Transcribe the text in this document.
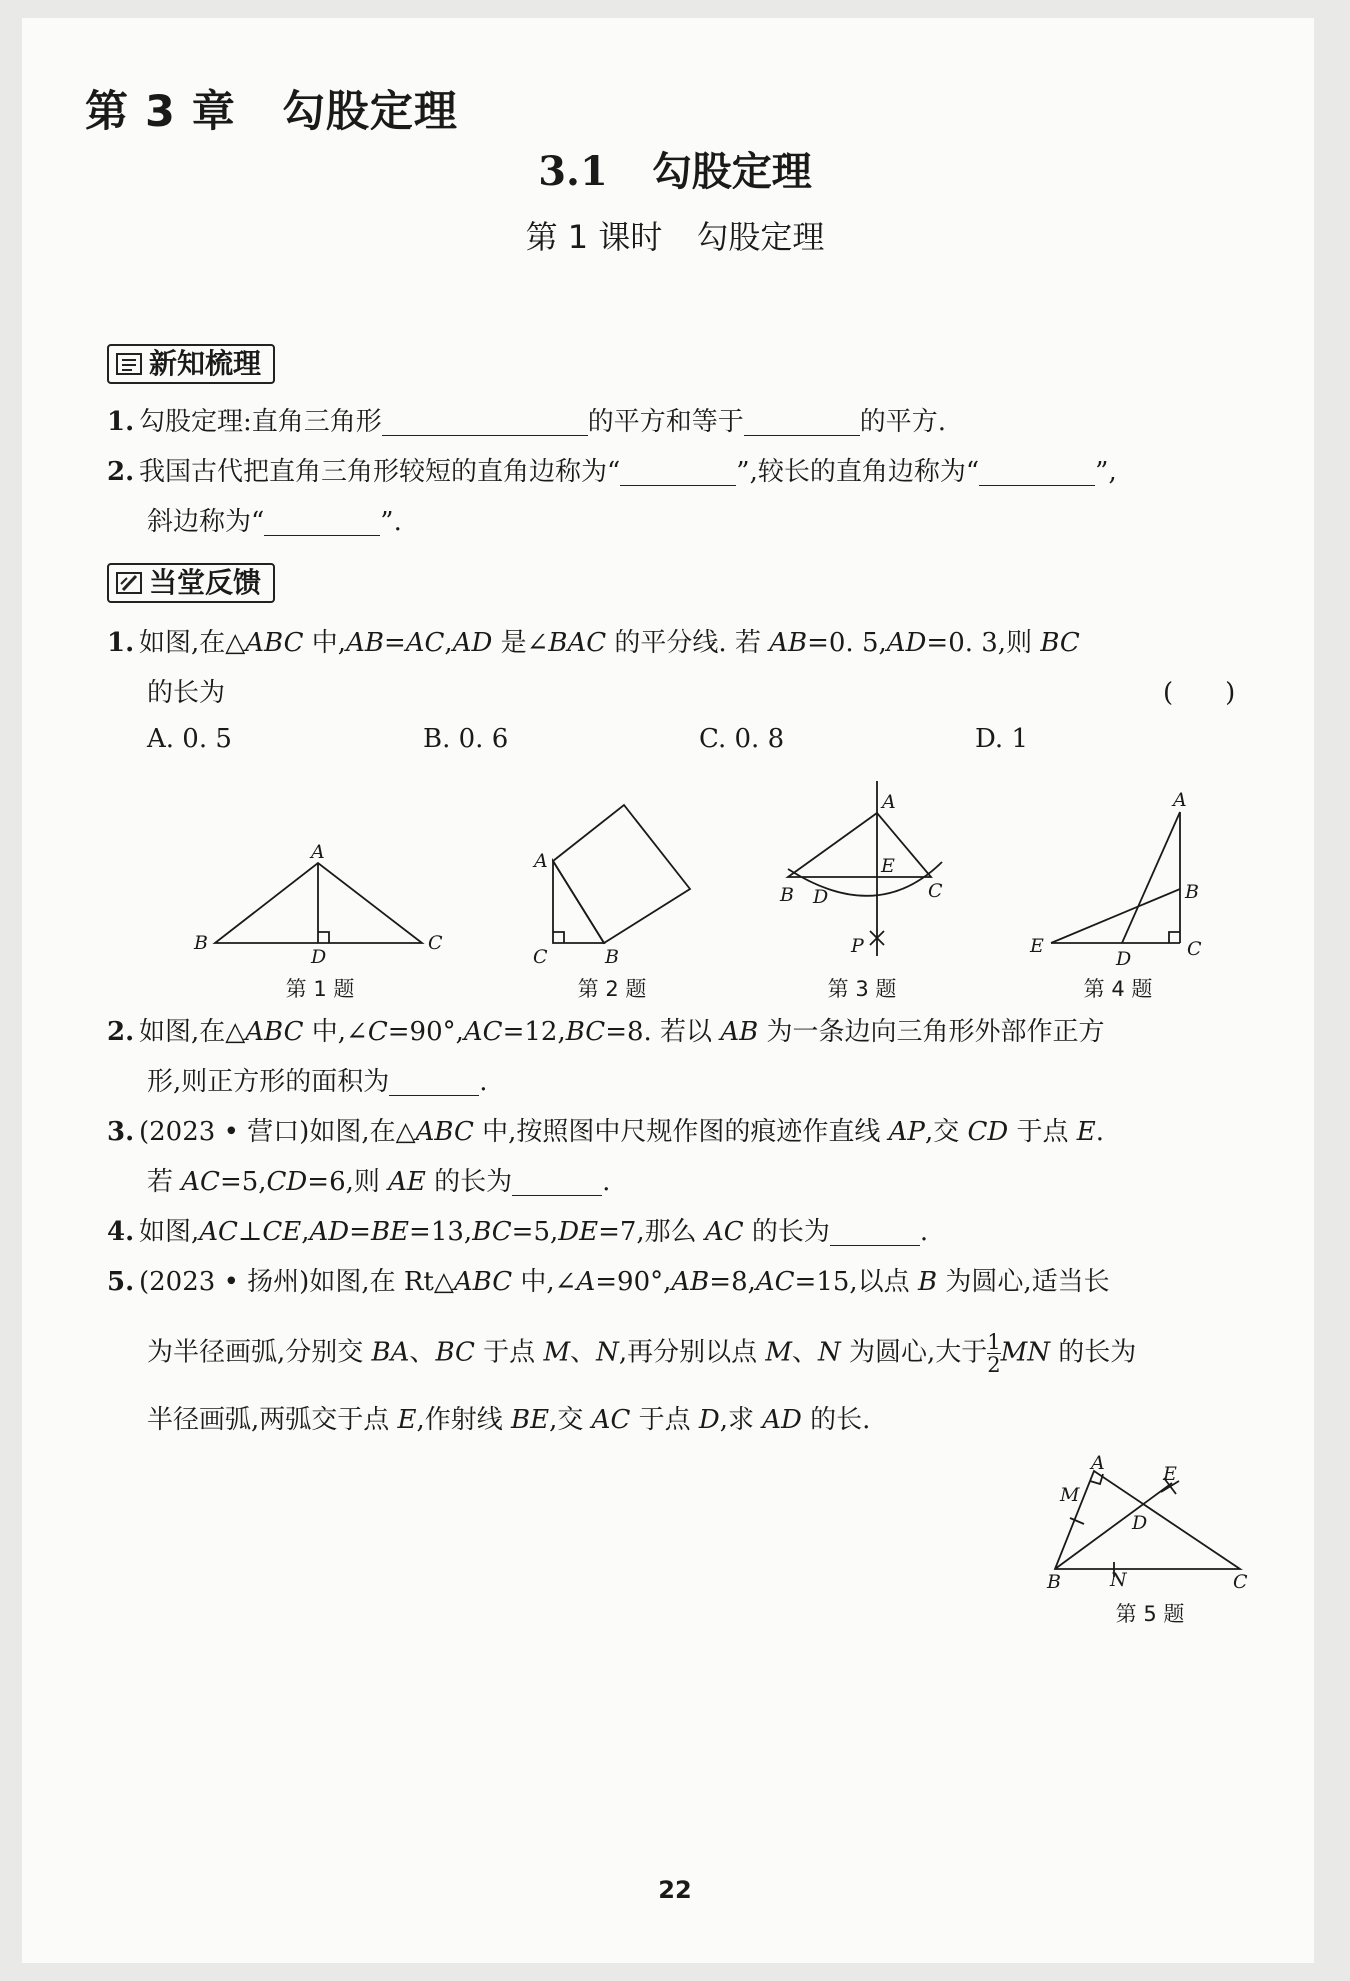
第 3 章 勾股定理
3.1 勾股定理
第 1 课时 勾股定理
新知梳理
1. 勾股定理:直角三角形	的平方和等于	的平方.
2. 我国古代把直角三角形较短的直角边称为“	”,较长的直角边称为“	”,
斜边称为“	”.
当堂反馈
1. 如图,在△ABC 中,AB=AC,AD 是∠BAC 的平分线. 若 AB=0. 5,AD=0. 3,则 BC
的长为	(　　)
A. 0. 5	B. 0. 6	C. 0. 8	D. 1
A
B	C
D
A
B
C
A
B	C
D
E
P
A
B
C
D
E
A
B	C
D
E
M
N
第 1 题	第 2 题	第 3 题	第 4 题
第 5 题
2. 如图,在△ABC 中,∠C=90°,AC=12,BC=8. 若以 AB 为一条边向三角形外部作正方
形,则正方形的面积为	.
3. (2023 • 营口)如图,在△ABC 中,按照图中尺规作图的痕迹作直线 AP,交 CD 于点 E.
若 AC=5,CD=6,则 AE 的长为	.
4. 如图,AC⊥CE,AD=BE=13,BC=5,DE=7,那么 AC 的长为	.
5. (2023 • 扬州)如图,在 Rt△ABC 中,∠A=90°,AB=8,AC=15,以点 B 为圆心,适当长
为半径画弧,分别交 BA、BC 于点 M、N,再分别以点 M、N 为圆心,大于 $\frac{1}{2}$ MN 的长为
半径画弧,两弧交于点 E,作射线 BE,交 AC 于点 D,求 AD 的长.
22
